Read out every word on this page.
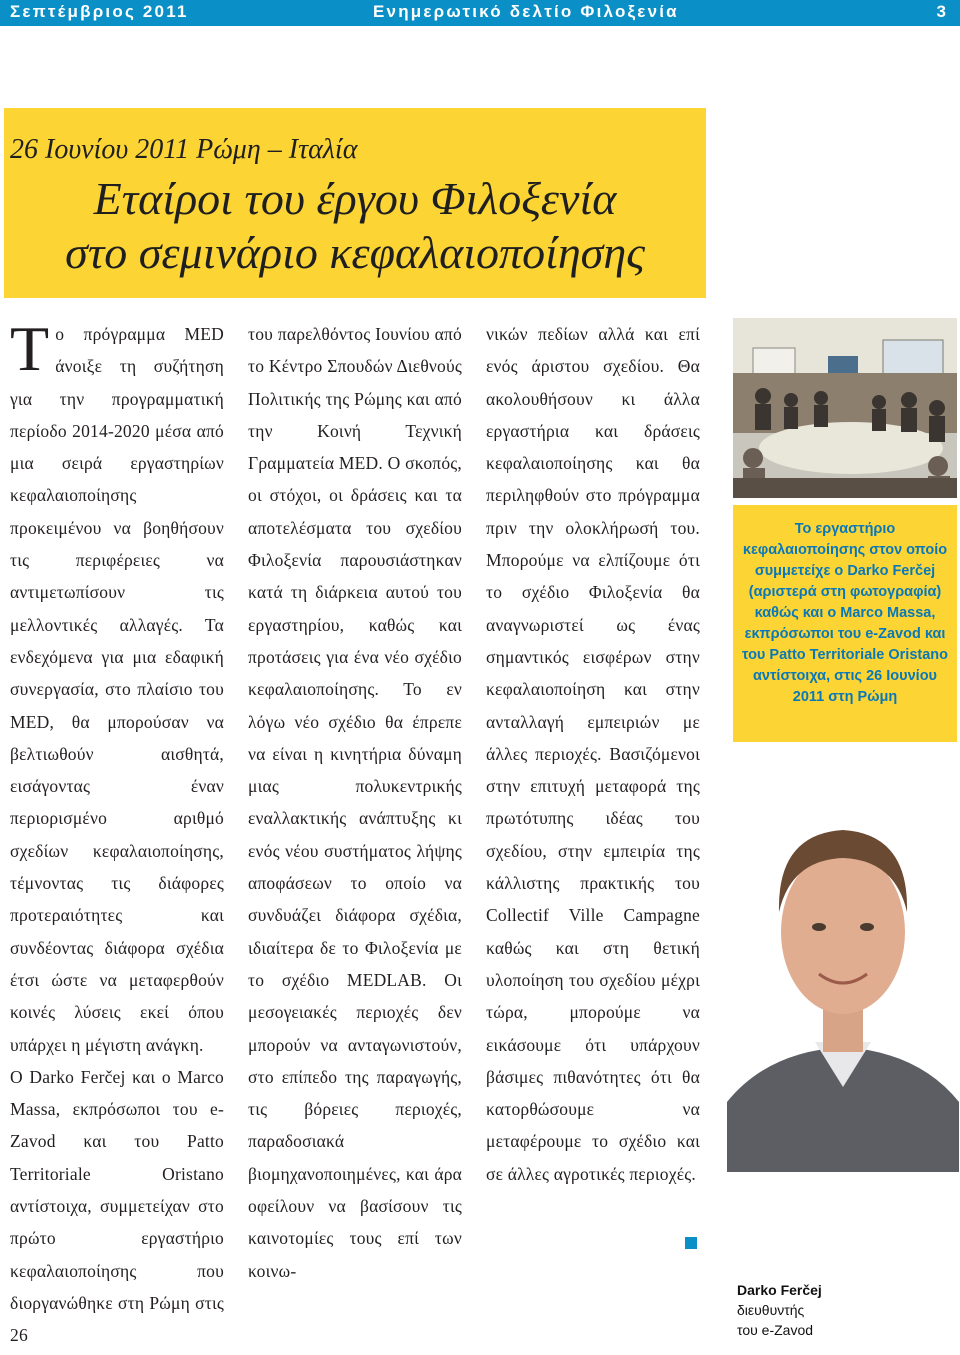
Σεπτέμβριος 2011	Ενημερωτικό δελτίο Φιλοξενία	3
26 Ιουνίου 2011 Ρώμη – Ιταλία
Εταίροι του έργου Φιλοξενία
στο σεμινάριο κεφαλαιοποίησης

Το πρόγραμμα MED άνοιξε τη συζήτηση για την προγραμματική περίοδο 2014-2020 μέσα από μια σειρά εργαστηρίων κεφαλαιοποίησης προκειμένου να βοηθήσουν τις περιφέρειες να αντιμετωπίσουν τις μελλοντικές αλλαγές. Τα ενδεχόμενα για μια εδαφική συνεργασία, στο πλαίσιο του MED, θα μπορούσαν να βελτιωθούν αισθητά, εισάγοντας έναν περιορισμένο αριθμό σχεδίων κεφαλαιοποίησης, τέμνοντας τις διάφορες προτεραιότητες και συνδέοντας διάφορα σχέδια έτσι ώστε να μεταφερθούν κοινές λύσεις εκεί όπου υπάρχει η μέγιστη ανάγκη.

Ο Darko Ferčej και ο Marco Massa, εκπρόσωποι του e-Zavod και του Patto Territoriale Oristano αντίστοιχα, συμμετείχαν στο πρώτο εργαστήριο κεφαλαιοποίησης που διοργανώθηκε στη Ρώμη στις 26

του παρελθόντος Ιουνίου από το Κέντρο Σπουδών Διεθνούς Πολιτικής της Ρώμης και από την Κοινή Τεχνική Γραμματεία MED. Ο σκοπός, οι στόχοι, οι δράσεις και τα αποτελέσματα του σχεδίου Φιλοξενία παρουσιάστηκαν κατά τη διάρκεια αυτού του εργαστηρίου, καθώς και προτάσεις για ένα νέο σχέδιο κεφαλαιοποίησης. Το εν λόγω νέο σχέδιο θα έπρεπε να είναι η κινητήρια δύναμη μιας πολυκεντρικής εναλλακτικής ανάπτυξης κι ενός νέου συστήματος λήψης αποφάσεων το οποίο να συνδυάζει διάφορα σχέδια, ιδιαίτερα δε το Φιλοξενία με το σχέδιο MEDLAB. Οι μεσογειακές περιοχές δεν μπορούν να ανταγωνιστούν, στο επίπεδο της παραγωγής, τις βόρειες περιοχές, παραδοσιακά βιομηχανοποιημένες, και άρα οφείλουν να βασίσουν τις καινοτομίες τους επί των κοινω-

νικών πεδίων αλλά και επί ενός άριστου σχεδίου. Θα ακολουθήσουν κι άλλα εργαστήρια και δράσεις κεφαλαιοποίησης και θα περιληφθούν στο πρόγραμμα πριν την ολοκλήρωσή του. Μπορούμε να ελπίζουμε ότι το σχέδιο Φιλοξενία θα αναγνωριστεί ως ένας σημαντικός εισφέρων στην κεφαλαιοποίηση και στην ανταλλαγή εμπειριών με άλλες περιοχές. Βασιζόμενοι στην επιτυχή μεταφορά της πρωτότυπης ιδέας του σχεδίου, στην εμπειρία της κάλλιστης πρακτικής του Collectif Ville Campagne καθώς και στη θετική υλοποίηση του σχεδίου μέχρι τώρα, μπορούμε να εικάσουμε ότι υπάρχουν βάσιμες πιθανότητες ότι θα κατορθώσουμε να μεταφέρουμε το σχέδιο και σε άλλες αγροτικές περιοχές.

Το εργαστήριο κεφαλαιοποίησης στον οποίο συμμετείχε ο Darko Ferčej (αριστερά στη φωτογραφία) καθώς και ο Marco Massa, εκπρόσωποι του e-Zavod και του Patto Territoriale Oristano αντίστοιχα, στις 26 Ιουνίου 2011 στη Ρώμη

Darko Ferčej
διευθυντής
του e-Zavod
